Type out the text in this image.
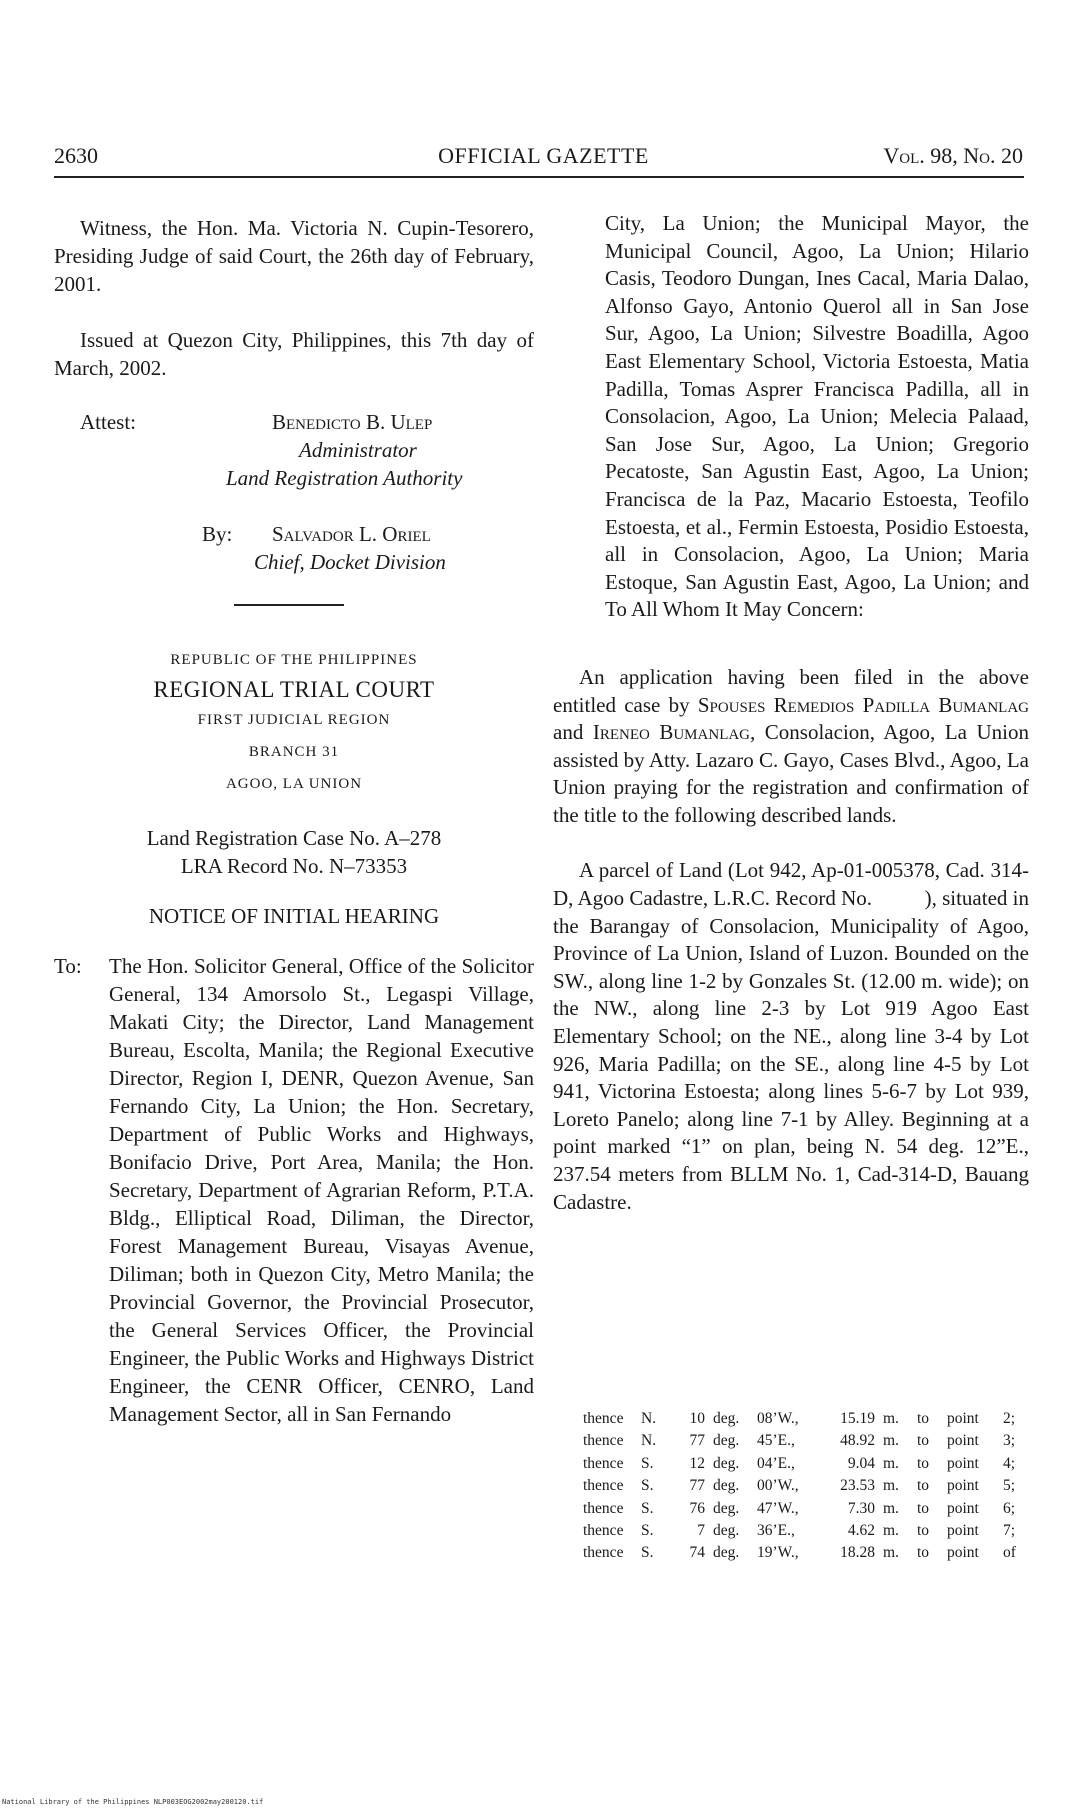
2630	OFFICIAL GAZETTE	Vol. 98, No. 20

Witness, the Hon. Ma. Victoria N. Cupin-Tesorero, Presiding Judge of said Court, the 26th day of February, 2001.

Issued at Quezon City, Philippines, this 7th day of March, 2002.

Attest:	Benedicto B. Ulep
Administrator
Land Registration Authority
By: Salvador L. Oriel
Chief, Docket Division
REPUBLIC OF THE PHILIPPINES
REGIONAL TRIAL COURT
FIRST JUDICIAL REGION
BRANCH 31
AGOO, LA UNION
Land Registration Case No. A–278
LRA Record No. N–73353
NOTICE OF INITIAL HEARING
To: The Hon. Solicitor General, Office of the Solicitor General, 134 Amorsolo St., Legaspi Village, Makati City; the Director, Land Management Bureau, Escolta, Manila; the Regional Executive Director, Region I, DENR, Quezon Avenue, San Fernando City, La Union; the Hon. Secretary, Department of Public Works and Highways, Bonifacio Drive, Port Area, Manila; the Hon. Secretary, Department of Agrarian Reform, P.T.A. Bldg., Elliptical Road, Diliman, the Director, Forest Management Bureau, Visayas Avenue, Diliman; both in Quezon City, Metro Manila; the Provincial Governor, the Provincial Prosecutor, the General Services Officer, the Provincial Engineer, the Public Works and Highways District Engineer, the CENR Officer, CENRO, Land Management Sector, all in San Fernando

City, La Union; the Municipal Mayor, the Municipal Council, Agoo, La Union; Hilario Casis, Teodoro Dungan, Ines Cacal, Maria Dalao, Alfonso Gayo, Antonio Querol all in San Jose Sur, Agoo, La Union; Silvestre Boadilla, Agoo East Elementary School, Victoria Estoesta, Matia Padilla, Tomas Asprer Francisca Padilla, all in Consolacion, Agoo, La Union; Melecia Palaad, San Jose Sur, Agoo, La Union; Gregorio Pecatoste, San Agustin East, Agoo, La Union; Francisca de la Paz, Macario Estoesta, Teofilo Estoesta, et al., Fermin Estoesta, Posidio Estoesta, all in Consolacion, Agoo, La Union; Maria Estoque, San Agustin East, Agoo, La Union; and To All Whom It May Concern:

An application having been filed in the above entitled case by Spouses Remedios Padilla Bumanlag and Ireneo Bumanlag, Consolacion, Agoo, La Union assisted by Atty. Lazaro C. Gayo, Cases Blvd., Agoo, La Union praying for the registration and confirmation of the title to the following described lands.

A parcel of Land (Lot 942, Ap-01-005378, Cad. 314-D, Agoo Cadastre, L.R.C. Record No.          ), situated in the Barangay of Consolacion, Municipality of Agoo, Province of La Union, Island of Luzon. Bounded on the SW., along line 1-2 by Gonzales St. (12.00 m. wide); on the NW., along line 2-3 by Lot 919 Agoo East Elementary School; on the NE., along line 3-4 by Lot 926, Maria Padilla; on the SE., along line 4-5 by Lot 941, Victorina Estoesta; along lines 5-6-7 by Lot 939, Loreto Panelo; along line 7-1 by Alley. Beginning at a point marked “1” on plan, being N. 54 deg. 12”E., 237.54 meters from BLLM No. 1, Cad-314-D, Bauang Cadastre.

thence	N.	10	deg.	08’W.,	15.19	m.	to	point	2;
thence	N.	77	deg.	45’E.,	48.92	m.	to	point	3;
thence	S.	12	deg.	04’E.,	9.04	m.	to	point	4;
thence	S.	77	deg.	00’W.,	23.53	m.	to	point	5;
thence	S.	76	deg.	47’W.,	7.30	m.	to	point	6;
thence	S.	7	deg.	36’E.,	4.62	m.	to	point	7;
thence	S.	74	deg.	19’W.,	18.28	m.	to	point	of
National Library of the Philippines NLP003EOG2002may200120.tif
